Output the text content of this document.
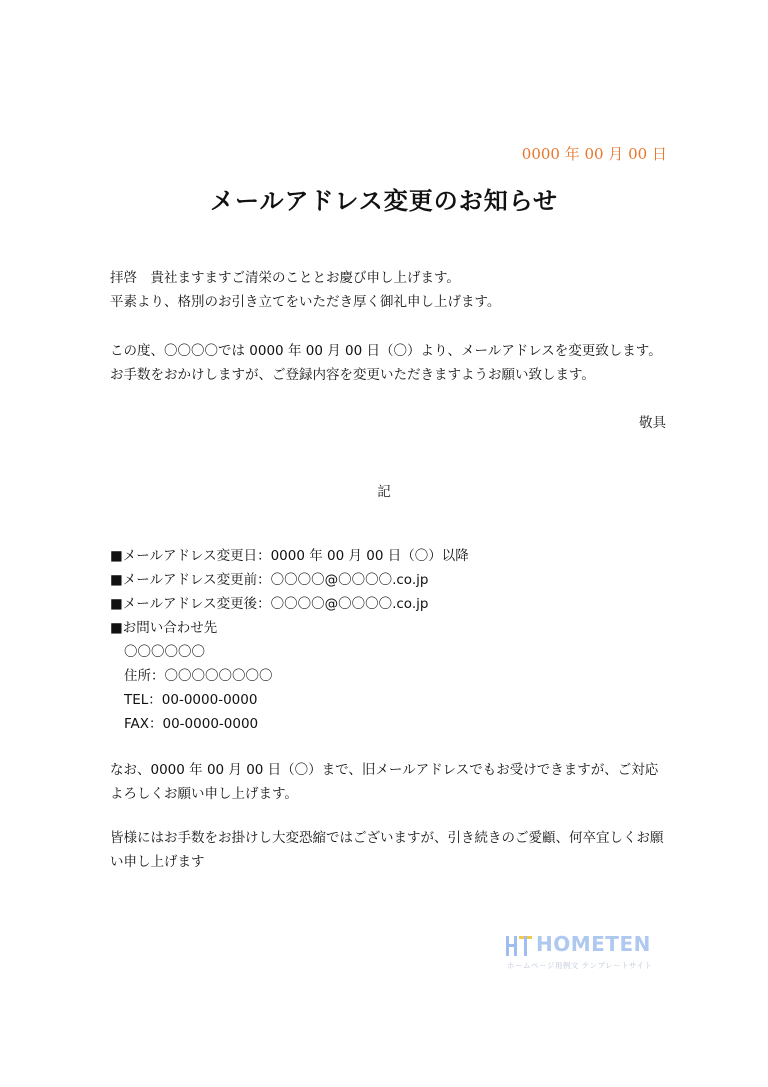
0000 年 00 月 00 日
メールアドレス変更のお知らせ
拝啓　貴社ますますご清栄のこととお慶び申し上げます。
平素より、格別のお引き立てをいただき厚く御礼申し上げます。
この度、〇〇〇〇では 0000 年 00 月 00 日（〇）より、メールアドレスを変更致します。
お手数をおかけしますが、ご登録内容を変更いただきますようお願い致します。
敬具
記
■メールアドレス変更日：0000 年 00 月 00 日（〇）以降
■メールアドレス変更前：〇〇〇〇@〇〇〇〇.co.jp
■メールアドレス変更後：〇〇〇〇@〇〇〇〇.co.jp
■お問い合わせ先
〇〇〇〇〇〇
住所：〇〇〇〇〇〇〇〇
TEL：00-0000-0000
FAX：00-0000-0000
なお、0000 年 00 月 00 日（〇）まで、旧メールアドレスでもお受けできますが、ご対応
よろしくお願い申し上げます。
皆様にはお手数をお掛けし大変恐縮ではございますが、引き続きのご愛顧、何卒宜しくお願
い申し上げます
HOMETEN
ホームページ用例文 テンプレートサイト
